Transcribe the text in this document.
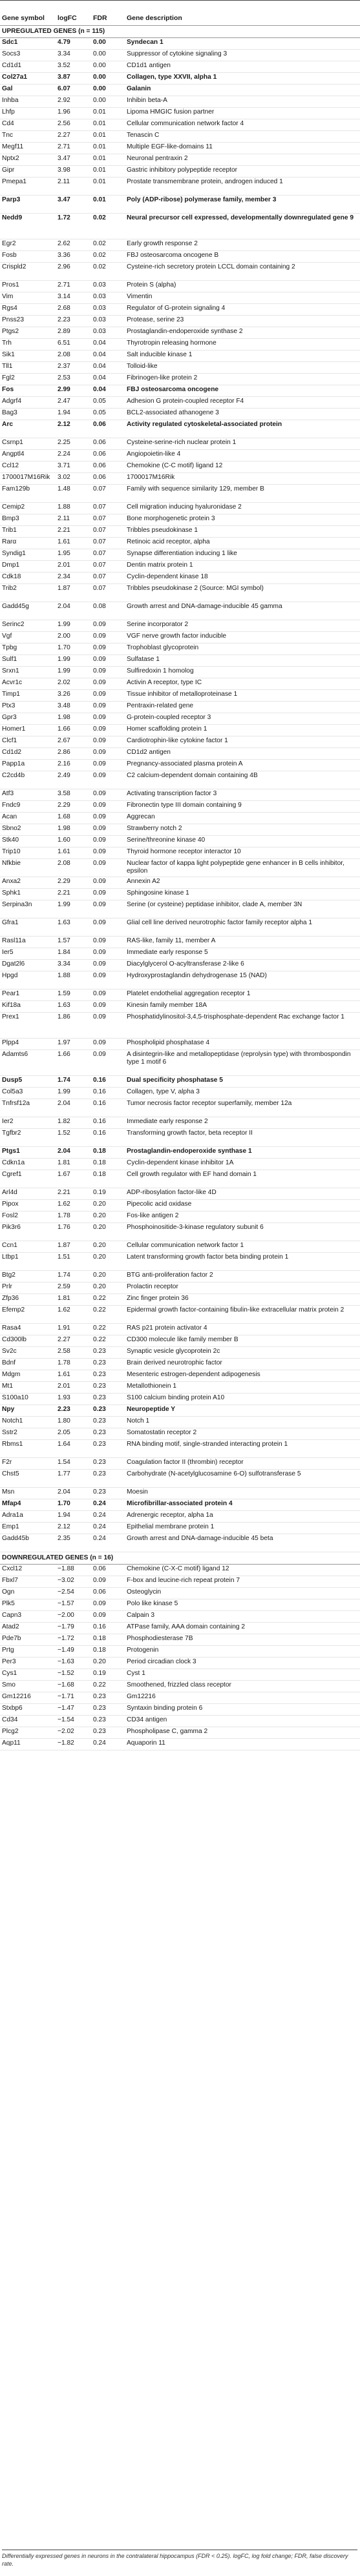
Gene symbol	logFC	FDR	Gene description
UPREGULATED GENES (n = 115)			
Sdc1	4.79	0.00	Syndecan 1
Socs3	3.34	0.00	Suppressor of cytokine signaling 3
Cd1d1	3.52	0.00	CD1d1 antigen
Col27a1	3.87	0.00	Collagen, type XXVII, alpha 1
Gal	6.07	0.00	Galanin
Inhba	2.92	0.00	Inhibin beta-A
Lhfp	1.96	0.01	Lipoma HMGIC fusion partner
Cd4	2.56	0.01	Cellular communication network factor 4
Tnc	2.27	0.01	Tenascin C
Megf11	2.71	0.01	Multiple EGF-like-domains 11
Nptx2	3.47	0.01	Neuronal pentraxin 2
Gipr	3.98	0.01	Gastric inhibitory polypeptide receptor
Pmepa1	2.11	0.01	Prostate transmembrane protein, androgen induced 1
Parp3	3.47	0.01	Poly (ADP-ribose) polymerase family, member 3
Nedd9	1.72	0.02	Neural precursor cell expressed, developmentally downregulated gene 9
Egr2	2.62	0.02	Early growth response 2
Fosb	3.36	0.02	FBJ osteosarcoma oncogene B
Crispld2	2.96	0.02	Cysteine-rich secretory protein LCCL domain containing 2
Pros1	2.71	0.03	Protein S (alpha)
Vim	3.14	0.03	Vimentin
Rgs4	2.68	0.03	Regulator of G-protein signaling 4
Pnss23	2.23	0.03	Protease, serine 23
Ptgs2	2.89	0.03	Prostaglandin-endoperoxide synthase 2
Trh	6.51	0.04	Thyrotropin releasing hormone
Sik1	2.08	0.04	Salt inducible kinase 1
Tll1	2.37	0.04	Tolloid-like
Fgl2	2.53	0.04	Fibrinogen-like protein 2
Fos	2.99	0.04	FBJ osteosarcoma oncogene
Adgrf4	2.47	0.05	Adhesion G protein-coupled receptor F4
Bag3	1.94	0.05	BCL2-associated athanogene 3
Arc	2.12	0.06	Activity regulated cytoskeletal-associated protein
Csrnp1	2.25	0.06	Cysteine-serine-rich nuclear protein 1
Angptl4	2.24	0.06	Angiopoietin-like 4
Ccl12	3.71	0.06	Chemokine (C-C motif) ligand 12
1700017M16Rik	3.02	0.06	1700017M16Rik
Fam129b	1.48	0.07	Family with sequence similarity 129, member B
Cemip2	1.88	0.07	Cell migration inducing hyaluronidase 2
Bmp3	2.11	0.07	Bone morphogenetic protein 3
Trib1	2.21	0.07	Tribbles pseudokinase 1
Rarα	1.61	0.07	Retinoic acid receptor, alpha
Syndig1	1.95	0.07	Synapse differentiation inducing 1 like
Dmp1	2.01	0.07	Dentin matrix protein 1
Cdk18	2.34	0.07	Cyclin-dependent kinase 18
Trib2	1.87	0.07	Tribbles pseudokinase 2 (Source: MGI symbol)
Gadd45g	2.04	0.08	Growth arrest and DNA-damage-inducible 45 gamma
Serinc2	1.99	0.09	Serine incorporator 2
Vgf	2.00	0.09	VGF nerve growth factor inducible
Tpbg	1.70	0.09	Trophoblast glycoprotein
Sulf1	1.99	0.09	Sulfatase 1
Srxn1	1.99	0.09	Sulfiredoxin 1 homolog
Acvr1c	2.02	0.09	Activin A receptor, type IC
Timp1	3.26	0.09	Tissue inhibitor of metalloproteinase 1
Ptx3	3.48	0.09	Pentraxin-related gene
Gpr3	1.98	0.09	G-protein-coupled receptor 3
Homer1	1.66	0.09	Homer scaffolding protein 1
Clcf1	2.67	0.09	Cardiotrophin-like cytokine factor 1
Cd1d2	2.86	0.09	CD1d2 antigen
Papp1a	2.16	0.09	Pregnancy-associated plasma protein A
C2cd4b	2.49	0.09	C2 calcium-dependent domain containing 4B
Atf3	3.58	0.09	Activating transcription factor 3
Fndc9	2.29	0.09	Fibronectin type III domain containing 9
Acan	1.68	0.09	Aggrecan
Sbno2	1.98	0.09	Strawberry notch 2
Stk40	1.60	0.09	Serine/threonine kinase 40
Trip10	1.61	0.09	Thyroid hormone receptor interactor 10
Nfkbie	2.08	0.09	Nuclear factor of kappa light polypeptide gene enhancer in B cells inhibitor, epsilon
Anxa2	2.29	0.09	Annexin A2
Sphk1	2.21	0.09	Sphingosine kinase 1
Serpina3n	1.99	0.09	Serine (or cysteine) peptidase inhibitor, clade A, member 3N
Gfra1	1.63	0.09	Glial cell line derived neurotrophic factor family receptor alpha 1
Rasl11a	1.57	0.09	RAS-like, family 11, member A
Ier5	1.84	0.09	Immediate early response 5
Dgat2l6	3.34	0.09	Diacylglycerol O-acyltransferase 2-like 6
Hpgd	1.88	0.09	Hydroxyprostaglandin dehydrogenase 15 (NAD)
Pear1	1.59	0.09	Platelet endothelial aggregation receptor 1
Kif18a	1.63	0.09	Kinesin family member 18A
Prex1	1.86	0.09	Phosphatidylinositol-3,4,5-trisphosphate-dependent Rac exchange factor 1
Plpp4	1.97	0.09	Phospholipid phosphatase 4
Adamts6	1.66	0.09	A disintegrin-like and metallopeptidase (reprolysin type) with thrombospondin type 1 motif 6
Dusp5	1.74	0.16	Dual specificity phosphatase 5
Col5a3	1.99	0.16	Collagen, type V, alpha 3
Tnfrsf12a	2.04	0.16	Tumor necrosis factor receptor superfamily, member 12a
Ier2	1.82	0.16	Immediate early response 2
Tgfbr2	1.52	0.16	Transforming growth factor, beta receptor II
Ptgs1	2.04	0.18	Prostaglandin-endoperoxide synthase 1
Cdkn1a	1.81	0.18	Cyclin-dependent kinase inhibitor 1A
Cgref1	1.67	0.18	Cell growth regulator with EF hand domain 1
Arl4d	2.21	0.19	ADP-ribosylation factor-like 4D
Pipox	1.62	0.20	Pipecolic acid oxidase
Fosl2	1.78	0.20	Fos-like antigen 2
Pik3r6	1.76	0.20	Phosphoinositide-3-kinase regulatory subunit 6
Ccn1	1.87	0.20	Cellular communication network factor 1
Ltbp1	1.51	0.20	Latent transforming growth factor beta binding protein 1
Btg2	1.74	0.20	BTG anti-proliferation factor 2
Prlr	2.59	0.20	Prolactin receptor
Zfp36	1.81	0.22	Zinc finger protein 36
Efemp2	1.62	0.22	Epidermal growth factor-containing fibulin-like extracellular matrix protein 2
Rasa4	1.91	0.22	RAS p21 protein activator 4
Cd300lb	2.27	0.22	CD300 molecule like family member B
Sv2c	2.58	0.23	Synaptic vesicle glycoprotein 2c
Bdnf	1.78	0.23	Brain derived neurotrophic factor
Mdgm	1.61	0.23	Mesenteric estrogen-dependent adipogenesis
Mt1	2.01	0.23	Metallothionein 1
S100a10	1.93	0.23	S100 calcium binding protein A10
Npy	2.23	0.23	Neuropeptide Y
Notch1	1.80	0.23	Notch 1
Sstr2	2.05	0.23	Somatostatin receptor 2
Rbms1	1.64	0.23	RNA binding motif, single-stranded interacting protein 1
F2r	1.54	0.23	Coagulation factor II (thrombin) receptor
Chst5	1.77	0.23	Carbohydrate (N-acetylglucosamine 6-O) sulfotransferase 5
Msn	2.04	0.23	Moesin
Mfap4	1.70	0.24	Microfibrillar-associated protein 4
Adra1a	1.94	0.24	Adrenergic receptor, alpha 1a
Emp1	2.12	0.24	Epithelial membrane protein 1
Gadd45b	2.35	0.24	Growth arrest and DNA-damage-inducible 45 beta
DOWNREGULATED GENES (n = 16)			
Cxcl12	−1.88	0.06	Chemokine (C-X-C motif) ligand 12
Fbxl7	−3.02	0.09	F-box and leucine-rich repeat protein 7
Ogn	−2.54	0.06	Osteoglycin
Plk5	−1.57	0.09	Polo like kinase 5
Capn3	−2.00	0.09	Calpain 3
Atad2	−1.79	0.16	ATPase family, AAA domain containing 2
Pde7b	−1.72	0.18	Phosphodiesterase 7B
Prtg	−1.49	0.18	Protogenin
Per3	−1.63	0.20	Period circadian clock 3
Cys1	−1.52	0.19	Cyst 1
Smo	−1.68	0.22	Smoothened, frizzled class receptor
Gm12216	−1.71	0.23	Gm12216
Stxbp6	−1.47	0.23	Syntaxin binding protein 6
Cd34	−1.54	0.23	CD34 antigen
Plcg2	−2.02	0.23	Phospholipase C, gamma 2
Aqp11	−1.82	0.24	Aquaporin 11
Differentially expressed genes in neurons in the contralateral hippocampus (FDR < 0.25). logFC, log fold change; FDR, false discovery rate.
